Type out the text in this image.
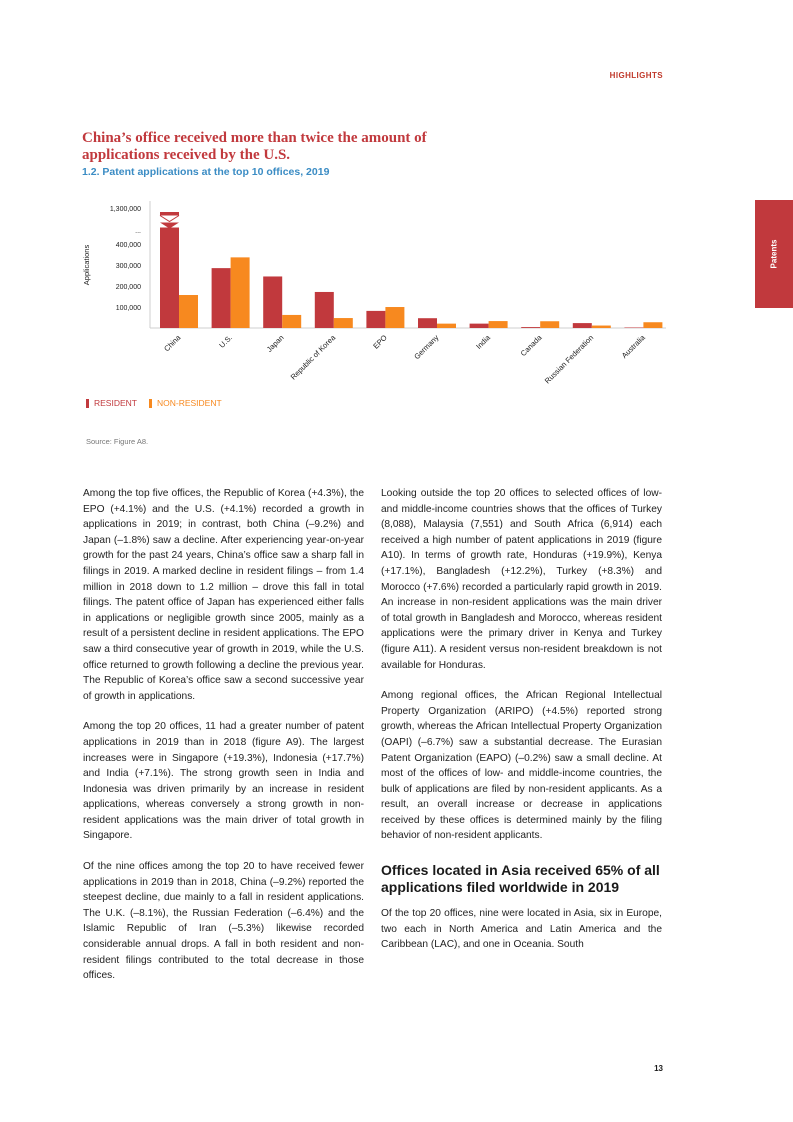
HIGHLIGHTS
Patents
China’s office received more than twice the amount of applications received by the U.S.
1.2. Patent applications at the top 10 offices, 2019
1,300,000
...
400,000
300,000
200,000
100,000
Applications
China	U.S.	Japan Republic of Korea	EPO	Germany	India	Canada Russian Federation	Australia
RESIDENT NON-RESIDENT
Source: Figure A8.

Among the top five offices, the Republic of Korea (+4.3%), the EPO (+4.1%) and the U.S. (+4.1%) recorded a growth in applications in 2019; in contrast, both China (–9.2%) and Japan (–1.8%) saw a decline. After experiencing year-on-year growth for the past 24 years, China’s office saw a sharp fall in filings in 2019. A marked decline in resident filings – from 1.4 million in 2018 down to 1.2 million – drove this fall in total filings. The patent office of Japan has experienced either falls in applications or negligible growth since 2005, mainly as a result of a persistent decline in resident applications. The EPO saw a third consecutive year of growth in 2019, while the U.S. office returned to growth following a decline the previous year. The Republic of Korea’s office saw a second successive year of growth in applications.

Among the top 20 offices, 11 had a greater number of patent applications in 2019 than in 2018 (figure A9). The largest increases were in Singapore (+19.3%), Indonesia (+17.7%) and India (+7.1%). The strong growth seen in India and Indonesia was driven primarily by an increase in resident applications, whereas conversely a strong growth in non-resident applications was the main driver of total growth in Singapore.

Of the nine offices among the top 20 to have received fewer applications in 2019 than in 2018, China (–9.2%) reported the steepest decline, due mainly to a fall in resident applications. The U.K. (–8.1%), the Russian Federation (–6.4%) and the Islamic Republic of Iran (–5.3%) likewise recorded considerable annual drops. A fall in both resident and non-resident filings contributed to the total decrease in those offices.

Looking outside the top 20 offices to selected offices of low- and middle-income countries shows that the offices of Turkey (8,088), Malaysia (7,551) and South Africa (6,914) each received a high number of patent applications in 2019 (figure A10). In terms of growth rate, Honduras (+19.9%), Kenya (+17.1%), Bangladesh (+12.2%), Turkey (+8.3%) and Morocco (+7.6%) recorded a particularly rapid growth in 2019. An increase in non-resident applications was the main driver of total growth in Bangladesh and Morocco, whereas resident applications were the primary driver in Kenya and Turkey (figure A11). A resident versus non-resident breakdown is not available for Honduras.

Among regional offices, the African Regional Intellectual Property Organization (ARIPO) (+4.5%) reported strong growth, whereas the African Intellectual Property Organization (OAPI) (–6.7%) saw a substantial decrease. The Eurasian Patent Organization (EAPO) (–0.2%) saw a small decline. At most of the offices of low- and middle-income countries, the bulk of applications are filed by non-resident applicants. As a result, an overall increase or decrease in applications received by these offices is determined mainly by the filing behavior of non-resident applicants.

Offices located in Asia received 65% of all applications filed worldwide in 2019

Of the top 20 offices, nine were located in Asia, six in Europe, two each in North America and Latin America and the Caribbean (LAC), and one in Oceania. South

13
